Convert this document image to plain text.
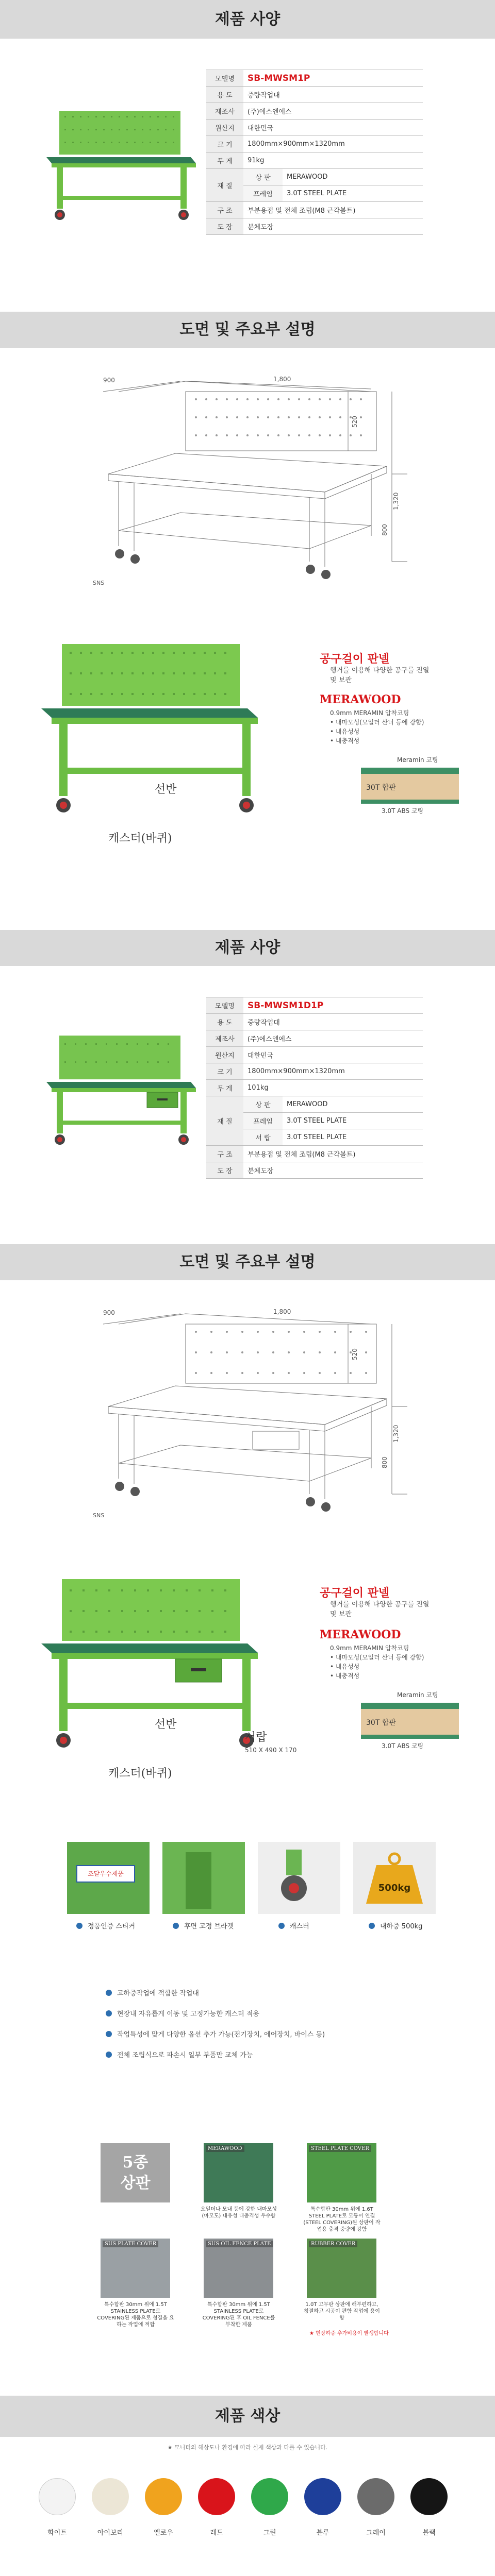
제품 사양
모델명	SB-MWSM1P	
용 도	중량작업대	
제조사	(주)에스엔에스	
원산지	대한민국	
크 기	1800mm×900mm×1320mm	
무 게	91kg	
재 질	상 판	MERAWOOD
	프레임	3.0T STEEL PLATE
구 조	부분용접 및 전체 조립(M8 근각볼트)	
도 장	분체도장	
도면 및 주요부 설명
900	1,800
1,320
800
520
SNS
공구걸이 판넬
행거를 이용해 다양한 공구를 진열 및 보관
MERAWOOD
0.9mm MERAMIN 압착코팅
• 내마모성(모일더 산너 등에 강함)
• 내유성성
• 내충격성
Meramin 코팅
30T 합판
3.0T ABS 코팅
선반
캐스터(바퀴)
제품 사양
모델명	SB-MWSM1D1P	
용 도	중량작업대	
제조사	(주)에스엔에스	
원산지	대한민국	
크 기	1800mm×900mm×1320mm	
무 게	101kg	
재 질	상 판	MERAWOOD
	프레임	3.0T STEEL PLATE
	서 랍	3.0T STEEL PLATE
구 조	부분용접 및 전체 조립(M8 근각볼트)	
도 장	분체도장	
도면 및 주요부 설명
900	1,800
1,320
800
520
SNS
공구걸이 판넬
행거를 이용해 다양한 공구를 진열 및 보관
MERAWOOD
0.9mm MERAMIN 압착코팅
• 내마모성(모일더 산너 등에 강함)
• 내유성성
• 내충격성
Meramin 코팅
30T 합판
3.0T ABS 코팅
선반
캐스터(바퀴)
서랍
510 X 490 X 170
조달우수제품
500kg
정품인증 스티커	후면 고정 브라켓	캐스터	내하중 500kg
고하중작업에 적합한 작업대
현장내 자유롭게 이동 및 고정가능한 캐스터 적용
작업특성에 맞게 다양한 옵션 추가 가능(전기장치, 에어장치, 바이스 등)
전체 조립식으로 파손시 일부 부품만 교체 가능
5종
상판
MERAWOOD
오일더나 모내 등에 강한 내마모성(마모도) 내유성 내충격성 우수함
STEEL PLATE COVER
특수합판 30mm 위에 1.6T STEEL PLATE로 모퉁이 연결(STEEL COVERING)된 상판이 작업용 충격 중량에 강함
SUS PLATE COVER
특수합판 30mm 위에 1.5T STAINLESS PLATE로 COVERING된 제품으로 청결을 요하는 작업에 적합
SUS OIL FENCE PLATE
특수합판 30mm 위에 1.5T STAINLESS PLATE로 COVERING된 후 OIL FENCE를 부착한 제품
RUBBER COVER
1.0T 고무판 상판에 해부편하고, 청결하고 시공이 편함 작업에 용이함
★ 현장하중 추가비용이 발생합니다
제품 색상
★ 모니터의 해상도나 환경에 따라 실제 색상과 다를 수 있습니다.
화이트	아이보리	옐로우	레드	그린	블루	그레이	블랙
